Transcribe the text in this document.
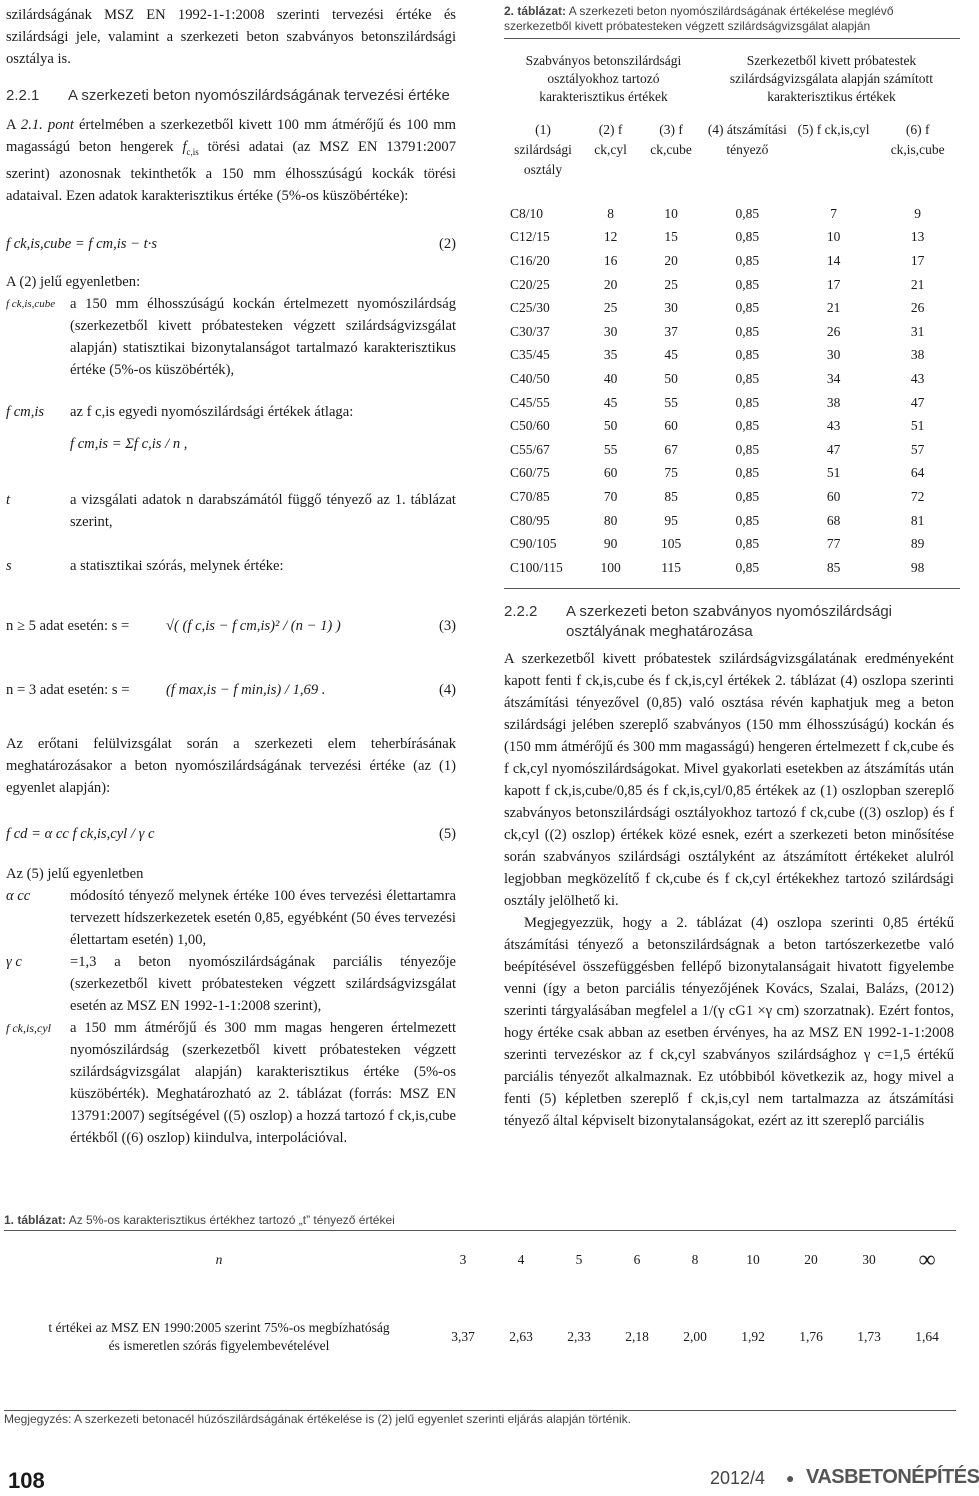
szilárdságának MSZ EN 1992-1-1:2008 szerinti tervezési értéke és szilárdsági jele, valamint a szerkezeti beton szabványos betonszilárdsági osztálya is.

2.2.1	A szerkezeti beton nyomószilárdságának tervezési értéke

A 2.1. pont értelmében a szerkezetből kivett 100 mm átmérőjű és 100 mm magasságú beton hengerek $f_{c,is}$ törési adatai (az MSZ EN 13791:2007 szerint) azonosnak tekinthetők a 150 mm élhosszúságú kockák törési adataival. Ezen adatok karakterisztikus értéke (5%-os küszöbértéke):

f ck,is,cube = f cm,is − t·s	(2)

A (2) jelű egyenletben:

f ck,is,cube	a 150 mm élhosszúságú kockán értelmezett nyomószilárdság (szerkezetből kivett próbatesteken végzett szilárdságvizsgálat alapján) statisztikai bizonytalanságot tartalmazó karakterisztikus értéke (5%-os küszöbérték),
f cm,is	az f c,is egyedi nyomószilárdsági értékek átlaga:
f cm,is = Σf c,is / n ,
t	a vizsgálati adatok n darabszámától függő tényező az 1. táblázat szerint,
s	a statisztikai szórás, melynek értéke:
n ≥ 5 adat esetén: s =	√( (f c,is − f cm,is)² / (n − 1) )	(3)
n = 3 adat esetén: s =	(f max,is − f min,is) / 1,69 .	(4)

Az erőtani felülvizsgálat során a szerkezeti elem teherbírásának meghatározásakor a beton nyomószilárdságának tervezési értéke (az (1) egyenlet alapján):

f cd = α cc f ck,is,cyl / γ c	(5)

Az (5) jelű egyenletben

α cc	módosító tényező melynek értéke 100 éves tervezési élettartamra tervezett hídszerkezetek esetén 0,85, egyébként (50 éves tervezési élettartam esetén) 1,00,
γ c	=1,3 a beton nyomószilárdságának parciális tényezője (szerkezetből kivett próbatesteken végzett szilárdságvizsgálat esetén az MSZ EN 1992-1-1:2008 szerint),
f ck,is,cyl	a 150 mm átmérőjű és 300 mm magas hengeren értelmezett nyomószilárdság (szerkezetből kivett próbatesteken végzett szilárdságvizsgálat alapján) karakterisztikus értéke (5%-os küszöbérték). Meghatározható az 2. táblázat (forrás: MSZ EN 13791:2007) segítségével ((5) oszlop) a hozzá tartozó f ck,is,cube értékből ((6) oszlop) kiindulva, interpolációval.
2. táblázat: A szerkezeti beton nyomószilárdságának értékelése meglévő szerkezetből kivett próbatesteken végzett szilárdságvizsgálat alapján
Szabványos betonszilárdsági osztályokhoz tartozó karakterisztikus értékek			Szerkezetből kivett próbatestek szilárdságvizsgálata alapján számított karakterisztikus értékek		
(1) szilárdsági osztály	(2) f ck,cyl	(3) f ck,cube	(4) átszámítási tényező	(5) f ck,is,cyl	(6) f ck,is,cube
C8/10	8	10	0,85	7	9
C12/15	12	15	0,85	10	13
C16/20	16	20	0,85	14	17
C20/25	20	25	0,85	17	21
C25/30	25	30	0,85	21	26
C30/37	30	37	0,85	26	31
C35/45	35	45	0,85	30	38
C40/50	40	50	0,85	34	43
C45/55	45	55	0,85	38	47
C50/60	50	60	0,85	43	51
C55/67	55	67	0,85	47	57
C60/75	60	75	0,85	51	64
C70/85	70	85	0,85	60	72
C80/95	80	95	0,85	68	81
C90/105	90	105	0,85	77	89
C100/115	100	115	0,85	85	98
2.2.2	A szerkezeti beton szabványos nyomószilárdsági osztályának meghatározása

A szerkezetből kivett próbatestek szilárdságvizsgálatának eredményeként kapott fenti f ck,is,cube és f ck,is,cyl értékek 2. táblázat (4) oszlopa szerinti átszámítási tényezővel (0,85) való osztása révén kaphatjuk meg a beton szilárdsági jelében szereplő szabványos (150 mm élhosszúságú) kockán és (150 mm átmérőjű és 300 mm magasságú) hengeren értelmezett f ck,cube és f ck,cyl nyomószilárdságokat. Mivel gyakorlati esetekben az átszámítás után kapott f ck,is,cube/0,85 és f ck,is,cyl/0,85 értékek az (1) oszlopban szereplő szabványos betonszilárdsági osztályokhoz tartozó f ck,cube ((3) oszlop) és f ck,cyl ((2) oszlop) értékek közé esnek, ezért a szerkezeti beton minősítése során szabványos szilárdsági osztályként az átszámított értékeket alulról legjobban megközelítő f ck,cube és f ck,cyl értékekhez tartozó szilárdsági osztály jelölhető ki.

Megjegyezzük, hogy a 2. táblázat (4) oszlopa szerinti 0,85 értékű átszámítási tényező a betonszilárdságnak a beton tartószerkezetbe való beépítésével összefüggésben fellépő bizonytalanságait hivatott figyelembe venni (így a beton parciális tényezőjének Kovács, Szalai, Balázs, (2012) szerinti tárgyalásában megfelel a 1/(γ cG1 ×γ cm) szorzatnak). Ezért fontos, hogy értéke csak abban az esetben érvényes, ha az MSZ EN 1992-1-1:2008 szerinti tervezéskor az f ck,cyl szabványos szilárdsághoz γ c=1,5 értékű parciális tényezőt alkalmaznak. Ez utóbbiból következik az, hogy mivel a fenti (5) képletben szereplő f ck,is,cyl nem tartalmazza az átszámítási tényező által képviselt bizonytalanságokat, ezért az itt szereplő parciális

1. táblázat: Az 5%-os karakterisztikus értékhez tartozó „t” tényező értékei
n	3	4	5	6	8	10	20	30	∞
t értékei az MSZ EN 1990:2005 szerint 75%-os megbízhatóság és ismeretlen szórás figyelembevételével	3,37	2,63	2,33	2,18	2,00	1,92	1,76	1,73	1,64
Megjegyzés: A szerkezeti betonacél húzószilárdságának értékelése is (2) jelű egyenlet szerinti eljárás alapján történik.
108	2012/4 ● VASBETONÉPÍTÉS
